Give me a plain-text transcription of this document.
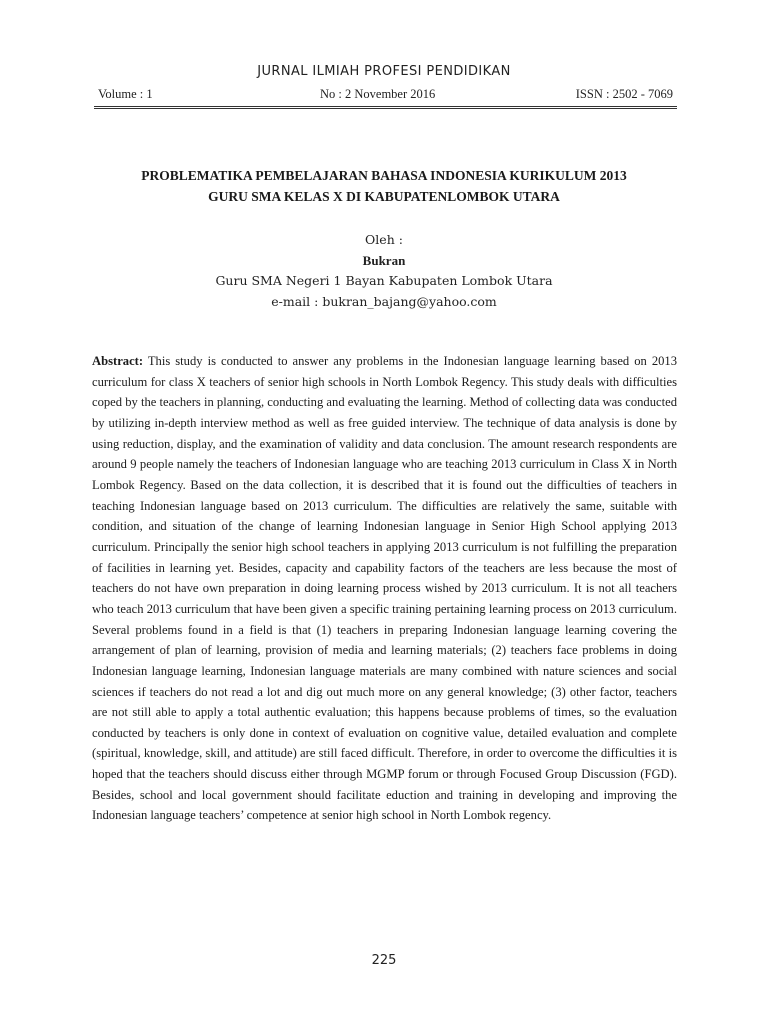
JURNAL ILMIAH PROFESI PENDIDIKAN
Volume : 1	No : 2 November 2016	ISSN : 2502 - 7069
PROBLEMATIKA PEMBELAJARAN BAHASA INDONESIA KURIKULUM 2013
GURU SMA KELAS X DI KABUPATENLOMBOK UTARA
Oleh :
Bukran
Guru SMA Negeri 1 Bayan Kabupaten Lombok Utara
e-mail : bukran_bajang@yahoo.com
Abstract: This study is conducted to answer any problems in the Indonesian language learning based on 2013 curriculum for class X teachers of senior high schools in North Lombok Regency. This study deals with difficulties coped by the teachers in planning, conducting and evaluating the learning. Method of collecting data was conducted by utilizing in-depth interview method as well as free guided interview. The technique of data analysis is done by using reduction, display, and the examination of validity and data conclusion. The amount research respondents are around 9 people namely the teachers of Indonesian language who are teaching 2013 curriculum in Class X in North Lombok Regency. Based on the data collection, it is described that it is found out the difficulties of teachers in teaching Indonesian language based on 2013 curriculum. The difficulties are relatively the same, suitable with condition, and situation of the change of learning Indonesian language in Senior High School applying 2013 curriculum. Principally the senior high school teachers in applying 2013 curriculum is not fulfilling the preparation of facilities in learning yet. Besides, capacity and capability factors of the teachers are less because the most of teachers do not have own preparation in doing learning process wished by 2013 curriculum. It is not all teachers who teach 2013 curriculum that have been given a specific training pertaining learning process on 2013 curriculum. Several problems found in a field is that (1) teachers in preparing Indonesian language learning covering the arrangement of plan of learning, provision of media and learning materials; (2) teachers face problems in doing Indonesian language learning, Indonesian language materials are many combined with nature sciences and social sciences if teachers do not read a lot and dig out much more on any general knowledge; (3) other factor, teachers are not still able to apply a total authentic evaluation; this happens because problems of times, so the evaluation conducted by teachers is only done in context of evaluation on cognitive value, detailed evaluation and complete (spiritual, knowledge, skill, and attitude) are still faced difficult. Therefore, in order to overcome the difficulties it is hoped that the teachers should discuss either through MGMP forum or through Focused Group Discussion (FGD). Besides, school and local government should facilitate eduction and training in developing and improving the Indonesian language teachers’ competence at senior high school in North Lombok regency.
225
